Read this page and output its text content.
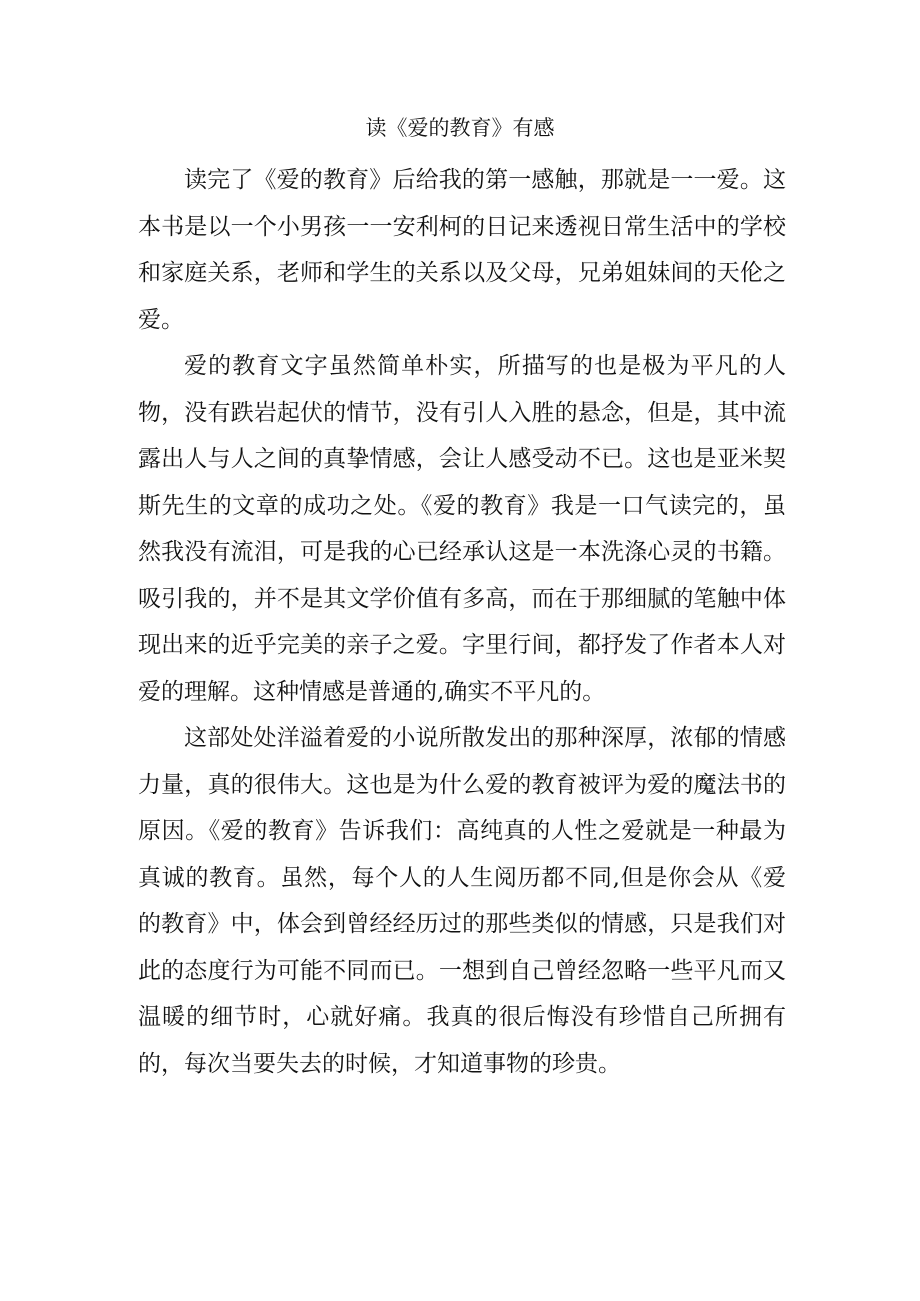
读《爱的教育》有感

读完了《爱的教育》后给我的第一感触，那就是一一爱。这本书是以一个小男孩一一安利柯的日记来透视日常生活中的学校和家庭关系，老师和学生的关系以及父母，兄弟姐妹间的天伦之爱。

爱的教育文字虽然简单朴实，所描写的也是极为平凡的人物，没有跌岩起伏的情节，没有引人入胜的悬念，但是，其中流露出人与人之间的真挚情感，会让人感受动不已。这也是亚米契斯先生的文章的成功之处。《爱的教育》我是一口气读完的，虽然我没有流泪，可是我的心已经承认这是一本洗涤心灵的书籍。吸引我的，并不是其文学价值有多高，而在于那细腻的笔触中体现出来的近乎完美的亲子之爱。字里行间，都抒发了作者本人对爱的理解。这种情感是普通的,确实不平凡的。

这部处处洋溢着爱的小说所散发出的那种深厚，浓郁的情感力量，真的很伟大。这也是为什么爱的教育被评为爱的魔法书的原因。《爱的教育》告诉我们：高纯真的人性之爱就是一种最为真诚的教育。虽然，每个人的人生阅历都不同,但是你会从《爱的教育》中，体会到曾经经历过的那些类似的情感，只是我们对此的态度行为可能不同而已。一想到自己曾经忽略一些平凡而又温暖的细节时，心就好痛。我真的很后悔没有珍惜自己所拥有的，每次当要失去的时候，才知道事物的珍贵。
